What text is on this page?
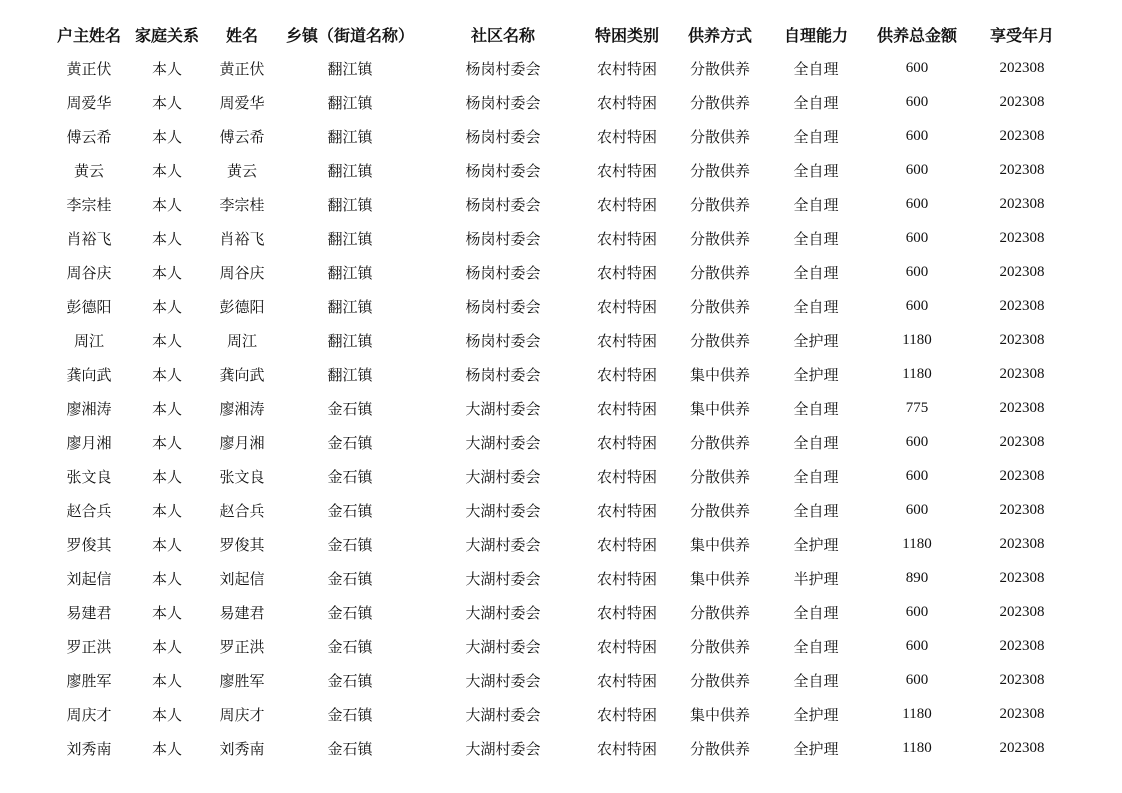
户主姓名	家庭关系	姓名	乡镇（街道名称）	社区名称	特困类别	供养方式	自理能力	供养总金额	享受年月
黄正伏	本人	黄正伏	翻江镇	杨岗村委会	农村特困	分散供养	全自理	600	202308
周爱华	本人	周爱华	翻江镇	杨岗村委会	农村特困	分散供养	全自理	600	202308
傅云希	本人	傅云希	翻江镇	杨岗村委会	农村特困	分散供养	全自理	600	202308
黄云	本人	黄云	翻江镇	杨岗村委会	农村特困	分散供养	全自理	600	202308
李宗桂	本人	李宗桂	翻江镇	杨岗村委会	农村特困	分散供养	全自理	600	202308
肖裕飞	本人	肖裕飞	翻江镇	杨岗村委会	农村特困	分散供养	全自理	600	202308
周谷庆	本人	周谷庆	翻江镇	杨岗村委会	农村特困	分散供养	全自理	600	202308
彭德阳	本人	彭德阳	翻江镇	杨岗村委会	农村特困	分散供养	全自理	600	202308
周江	本人	周江	翻江镇	杨岗村委会	农村特困	分散供养	全护理	1180	202308
龚向武	本人	龚向武	翻江镇	杨岗村委会	农村特困	集中供养	全护理	1180	202308
廖湘涛	本人	廖湘涛	金石镇	大湖村委会	农村特困	集中供养	全自理	775	202308
廖月湘	本人	廖月湘	金石镇	大湖村委会	农村特困	分散供养	全自理	600	202308
张文良	本人	张文良	金石镇	大湖村委会	农村特困	分散供养	全自理	600	202308
赵合兵	本人	赵合兵	金石镇	大湖村委会	农村特困	分散供养	全自理	600	202308
罗俊其	本人	罗俊其	金石镇	大湖村委会	农村特困	集中供养	全护理	1180	202308
刘起信	本人	刘起信	金石镇	大湖村委会	农村特困	集中供养	半护理	890	202308
易建君	本人	易建君	金石镇	大湖村委会	农村特困	分散供养	全自理	600	202308
罗正洪	本人	罗正洪	金石镇	大湖村委会	农村特困	分散供养	全自理	600	202308
廖胜军	本人	廖胜军	金石镇	大湖村委会	农村特困	分散供养	全自理	600	202308
周庆才	本人	周庆才	金石镇	大湖村委会	农村特困	集中供养	全护理	1180	202308
刘秀南	本人	刘秀南	金石镇	大湖村委会	农村特困	分散供养	全护理	1180	202308
